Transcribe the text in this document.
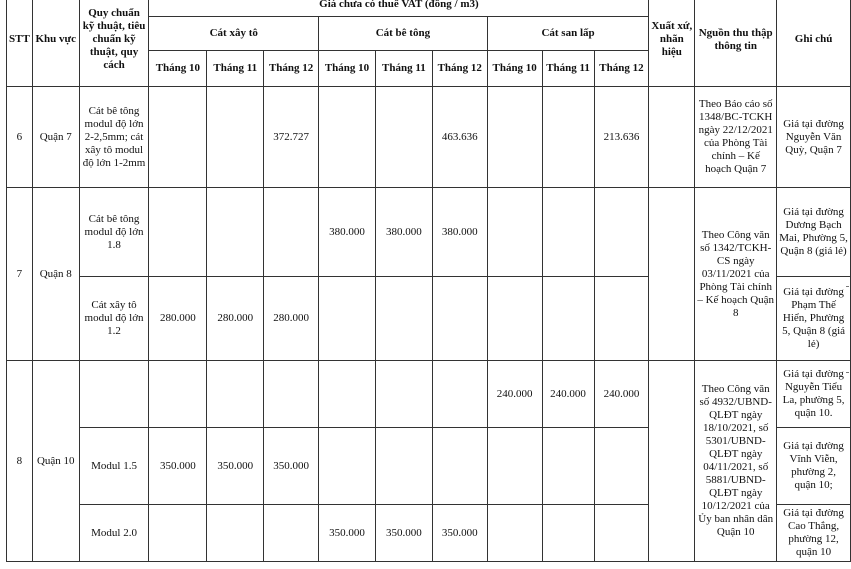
STT	Khu vực	Quy chuẩn kỹ thuật, tiêu chuẩn kỹ thuật, quy cách	Giá chưa có thuế VAT (đồng / m3)									Xuất xứ, nhãn hiệu	Nguồn thu thập thông tin	Ghi chú
			Cát xây tô			Cát bê tông			Cát san lấp					
			Tháng 10	Tháng 11	Tháng 12	Tháng 10	Tháng 11	Tháng 12	Tháng 10	Tháng 11	Tháng 12			
6	Quận 7	Cát bê tông modul độ lớn 2-2,5mm; cát xây tô modul độ lớn 1-2mm			372.727			463.636			213.636		Theo Báo cáo số 1348/BC-TCKH ngày 22/12/2021 của Phòng Tài chính – Kế hoạch Quận 7	Giá tại đường Nguyễn Văn Quỳ, Quận 7
7	Quận 8	Cát bê tông modul độ lớn 1.8				380.000	380.000	380.000					Theo Công văn số 1342/TCKH-CS ngày 03/11/2021 của Phòng Tài chính – Kế hoạch Quận 8	Giá tại đường Dương Bạch Mai, Phường 5, Quận 8 (giá lẻ)
		Cát xây tô modul độ lớn 1.2	280.000	280.000	280.000									Giá tại đường Phạm Thế Hiển, Phường 5, Quận 8 (giá lẻ)
8	Quận 10								240.000	240.000	240.000		Theo Công văn số 4932/UBND-QLĐT ngày 18/10/2021, số 5301/UBND-QLĐT ngày 04/11/2021, số 5881/UBND-QLĐT ngày 10/12/2021 của Ủy ban nhân dân Quận 10	Giá tại đường Nguyễn Tiểu La, phường 5, quận 10.
		Modul 1.5	350.000	350.000	350.000									Giá tại đường Vĩnh Viễn, phường 2, quận 10;
		Modul 2.0				350.000	350.000	350.000						Giá tại đường Cao Thắng, phường 12, quận 10
